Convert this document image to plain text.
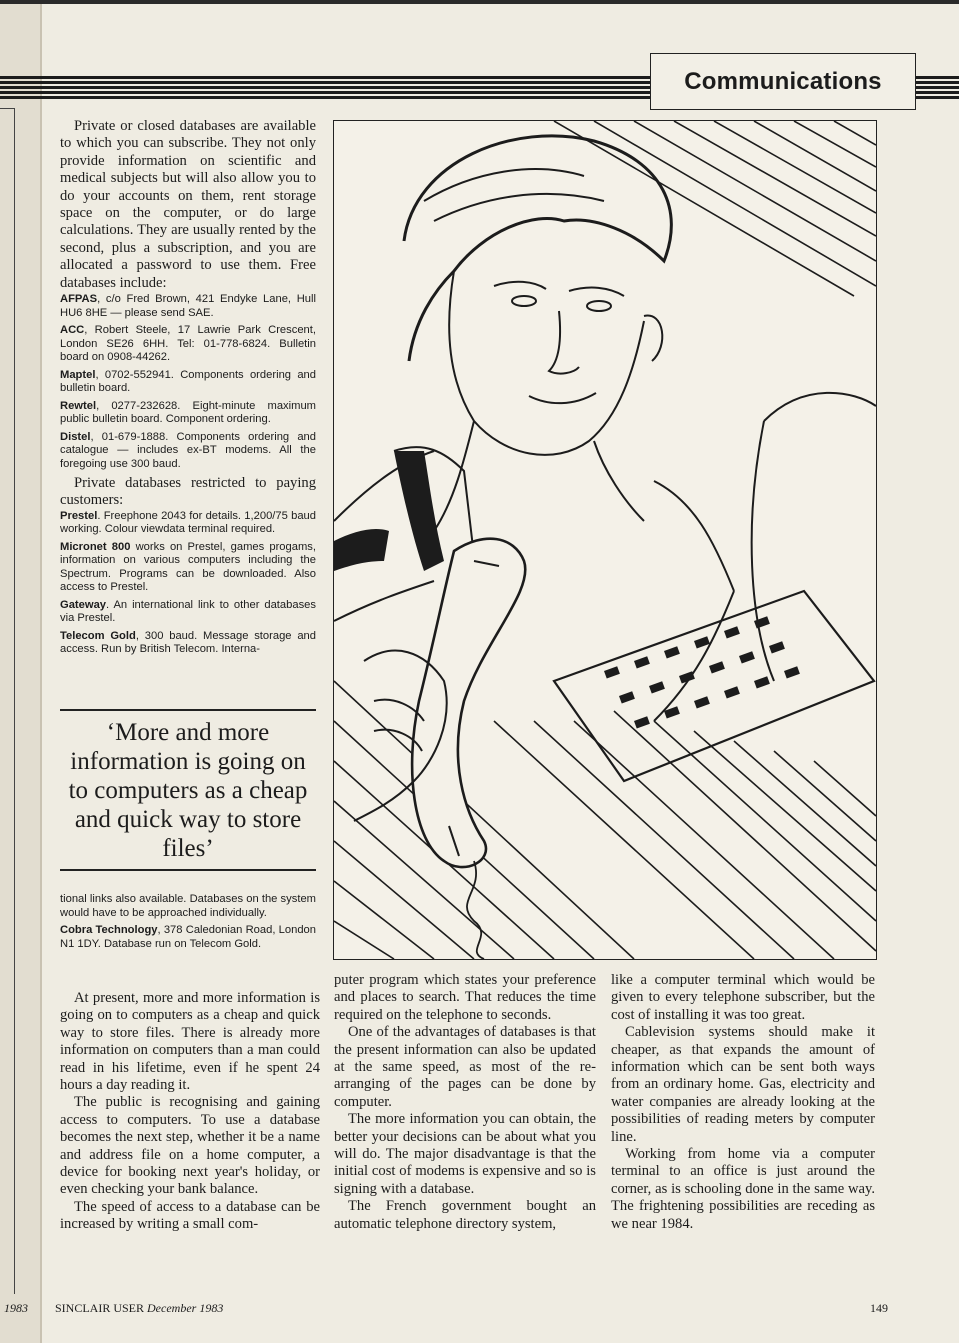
Communications

Private or closed databases are available to which you can subscribe. They not only provide information on scientific and medical subjects but will also allow you to do your accounts on them, rent storage space on the computer, or do large calculations. They are usually rented by the second, plus a subscription, and you are allocated a password to use them. Free databases include:

AFPAS, c/o Fred Brown, 421 Endyke Lane, Hull HU6 8HE — please send SAE.

ACC, Robert Steele, 17 Lawrie Park Crescent, London SE26 6HH. Tel: 01-778-6824. Bulletin board on 0908-44262.

Maptel, 0702-552941. Components ordering and bulletin board.

Rewtel, 0277-232628. Eight-minute maximum public bulletin board. Component ordering.

Distel, 01-679-1888. Components ordering and catalogue — includes ex-BT modems. All the foregoing use 300 baud.

Private databases restricted to paying customers:

Prestel. Freephone 2043 for details. 1,200/75 baud working. Colour viewdata terminal required.

Micronet 800 works on Prestel, games progams, information on various computers including the Spectrum. Programs can be downloaded. Also access to Prestel.

Gateway. An international link to other databases via Prestel.

Telecom Gold, 300 baud. Message storage and access. Run by British Telecom. Interna-

‘More and more information is going on to computers as a cheap and quick way to store files’

tional links also available. Databases on the system would have to be approached individually.

Cobra Technology, 378 Caledonian Road, London N1 1DY. Database run on Telecom Gold.

At present, more and more information is going on to computers as a cheap and quick way to store files. There is already more information on computers than a man could read in his lifetime, even if he spent 24 hours a day reading it.

The public is recognising and gaining access to computers. To use a database becomes the next step, whether it be a name and address file on a home computer, a device for booking next year's holiday, or even checking your bank balance.

The speed of access to a database can be increased by writing a small com-

puter program which states your preference and places to search. That reduces the time required on the telephone to seconds.

One of the advantages of databases is that the present information can also be updated at the same speed, as most of the re-arranging of the pages can be done by computer.

The more information you can obtain, the better your decisions can be about what you will do. The major disadvantage is that the initial cost of modems is expensive and so is signing with a database.

The French government bought an automatic telephone directory system,

like a computer terminal which would be given to every telephone subscriber, but the cost of installing it was too great.

Cablevision systems should make it cheaper, as that expands the amount of information which can be sent both ways from an ordinary home. Gas, electricity and water companies are already looking at the possibilities of reading meters by computer line.

Working from home via a computer terminal to an office is just around the corner, as is schooling done in the same way. The frightening possibilities are receding as we near 1984.

1983 SINCLAIR USER December 1983	149
